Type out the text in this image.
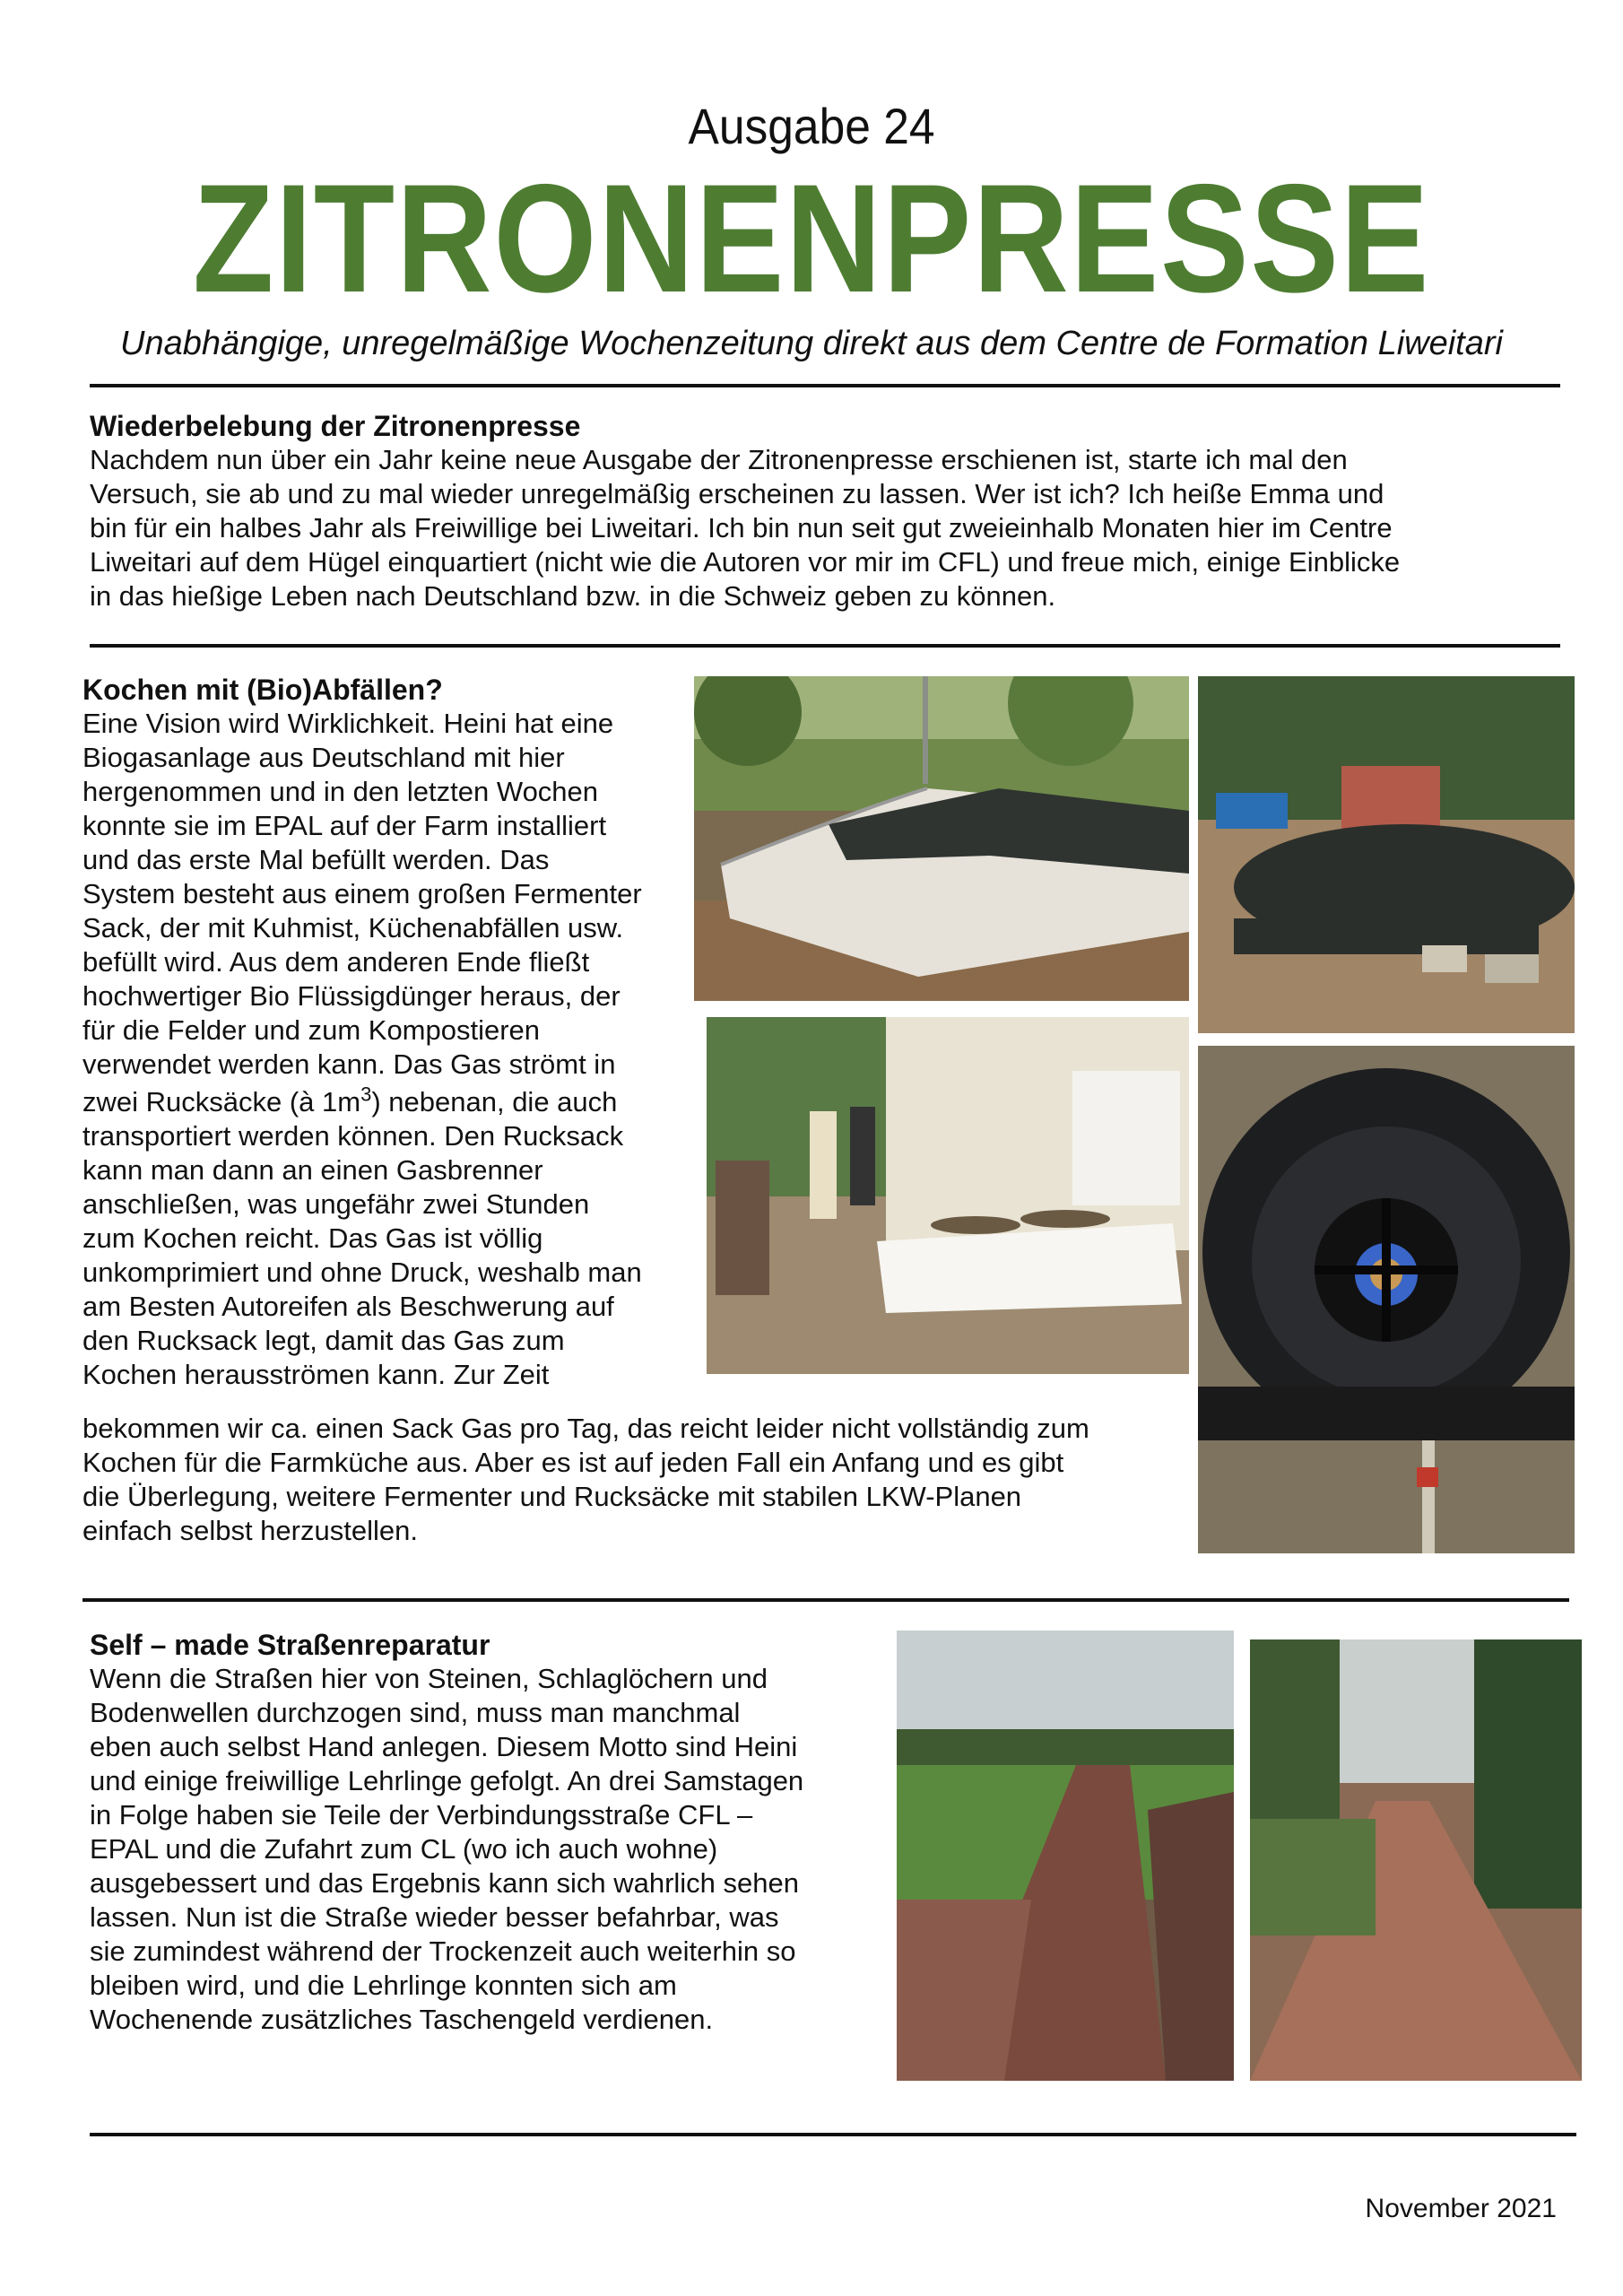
Ausgabe 24
ZITRONENPRESSE
Unabhängige, unregelmäßige Wochenzeitung direkt aus dem Centre de Formation Liweitari
Wiederbelebung der Zitronenpresse
Nachdem nun über ein Jahr keine neue Ausgabe der Zitronenpresse erschienen ist, starte ich mal den
Versuch, sie ab und zu mal wieder unregelmäßig erscheinen zu lassen. Wer ist ich? Ich heiße Emma und
bin für ein halbes Jahr als Freiwillige bei Liweitari. Ich bin nun seit gut zweieinhalb Monaten hier im Centre
Liweitari auf dem Hügel einquartiert (nicht wie die Autoren vor mir im CFL) und freue mich, einige Einblicke
in das hießige Leben nach Deutschland bzw. in die Schweiz geben zu können.
Kochen mit (Bio)Abfällen?
Eine Vision wird Wirklichkeit. Heini hat eine
Biogasanlage aus Deutschland mit hier
hergenommen und in den letzten Wochen
konnte sie im EPAL auf der Farm installiert
und das erste Mal befüllt werden. Das
System besteht aus einem großen Fermenter
Sack, der mit Kuhmist, Küchenabfällen usw.
befüllt wird. Aus dem anderen Ende fließt
hochwertiger Bio Flüssigdünger heraus, der
für die Felder und zum Kompostieren
verwendet werden kann. Das Gas strömt in
zwei Rucksäcke (à $1m^3$) nebenan, die auch
transportiert werden können. Den Rucksack
kann man dann an einen Gasbrenner
anschließen, was ungefähr zwei Stunden
zum Kochen reicht. Das Gas ist völlig
unkomprimiert und ohne Druck, weshalb man
am Besten Autoreifen als Beschwerung auf
den Rucksack legt, damit das Gas zum
Kochen herausströmen kann. Zur Zeit
bekommen wir ca. einen Sack Gas pro Tag, das reicht leider nicht vollständig zum
Kochen für die Farmküche aus. Aber es ist auf jeden Fall ein Anfang und es gibt
die Überlegung, weitere Fermenter und Rucksäcke mit stabilen LKW-Planen
einfach selbst herzustellen.
Self – made Straßenreparatur
Wenn die Straßen hier von Steinen, Schlaglöchern und
Bodenwellen durchzogen sind, muss man manchmal
eben auch selbst Hand anlegen. Diesem Motto sind Heini
und einige freiwillige Lehrlinge gefolgt. An drei Samstagen
in Folge haben sie Teile der Verbindungsstraße CFL –
EPAL und die Zufahrt zum CL (wo ich auch wohne)
ausgebessert und das Ergebnis kann sich wahrlich sehen
lassen. Nun ist die Straße wieder besser befahrbar, was
sie zumindest während der Trockenzeit auch weiterhin so
bleiben wird, und die Lehrlinge konnten sich am
Wochenende zusätzliches Taschengeld verdienen.
November 2021
